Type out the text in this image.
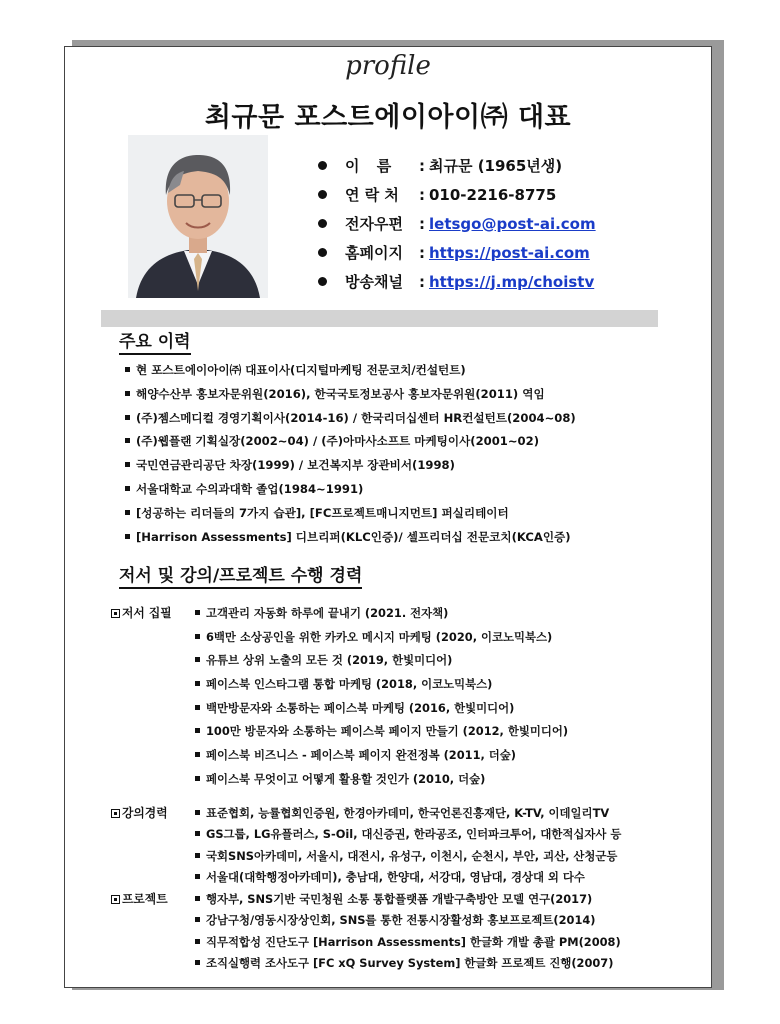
profile
최규문 포스트에이아이㈜ 대표
이 름	: 최규문 (1965년생)
연 락 처	: 010-2216-8775
전자우편	: letsgo@post-ai.com
홈페이지	: https://post-ai.com
방송채널	: https://j.mp/choistv
주요 이력
현 포스트에이아이㈜ 대표이사(디지털마케팅 전문코치/컨설턴트)
해양수산부 홍보자문위원(2016), 한국국토정보공사 홍보자문위원(2011) 역임
(주)젬스메디컬 경영기획이사(2014-16) / 한국리더십센터 HR컨설턴트(2004~08)
(주)웹플랜 기획실장(2002~04) / (주)아마사소프트 마케팅이사(2001~02)
국민연금관리공단 차장(1999) / 보건복지부 장관비서(1998)
서울대학교 수의과대학 졸업(1984~1991)
[성공하는 리더들의 7가지 습관], [FC프로젝트매니지먼트] 퍼실리테이터
[Harrison Assessments] 디브리퍼(KLC인증)/ 셀프리더십 전문코치(KCA인증)
저서 및 강의/프로젝트 수행 경력
저서 집필	고객관리 자동화 하루에 끝내기 (2021. 전자책)
6백만 소상공인을 위한 카카오 메시지 마케팅 (2020, 이코노믹북스)
유튜브 상위 노출의 모든 것 (2019, 한빛미디어)
페이스북 인스타그램 통합 마케팅 (2018, 이코노믹북스)
백만방문자와 소통하는 페이스북 마케팅 (2016, 한빛미디어)
100만 방문자와 소통하는 페이스북 페이지 만들기 (2012, 한빛미디어)
페이스북 비즈니스 - 페이스북 페이지 완전정복 (2011, 더숲)
페이스북 무엇이고 어떻게 활용할 것인가 (2010, 더숲)
강의경력	표준협회, 능률협회인증원, 한경아카데미, 한국언론진흥재단, K-TV, 이데일리TV
GS그룹, LG유플러스, S-Oil, 대신증권, 한라공조, 인터파크투어, 대한적십자사 등
국회SNS아카데미, 서울시, 대전시, 유성구, 이천시, 순천시, 부안, 괴산, 산청군등
서울대(대학행정아카데미), 충남대, 한양대, 서강대, 영남대, 경상대 외 다수
프로젝트	행자부, SNS기반 국민청원 소통 통합플랫폼 개발구축방안 모델 연구(2017)
강남구청/영동시장상인회, SNS를 통한 전통시장활성화 홍보프로젝트(2014)
직무적합성 진단도구 [Harrison Assessments] 한글화 개발 총괄 PM(2008)
조직실행력 조사도구 [FC xQ Survey System] 한글화 프로젝트 진행(2007)
